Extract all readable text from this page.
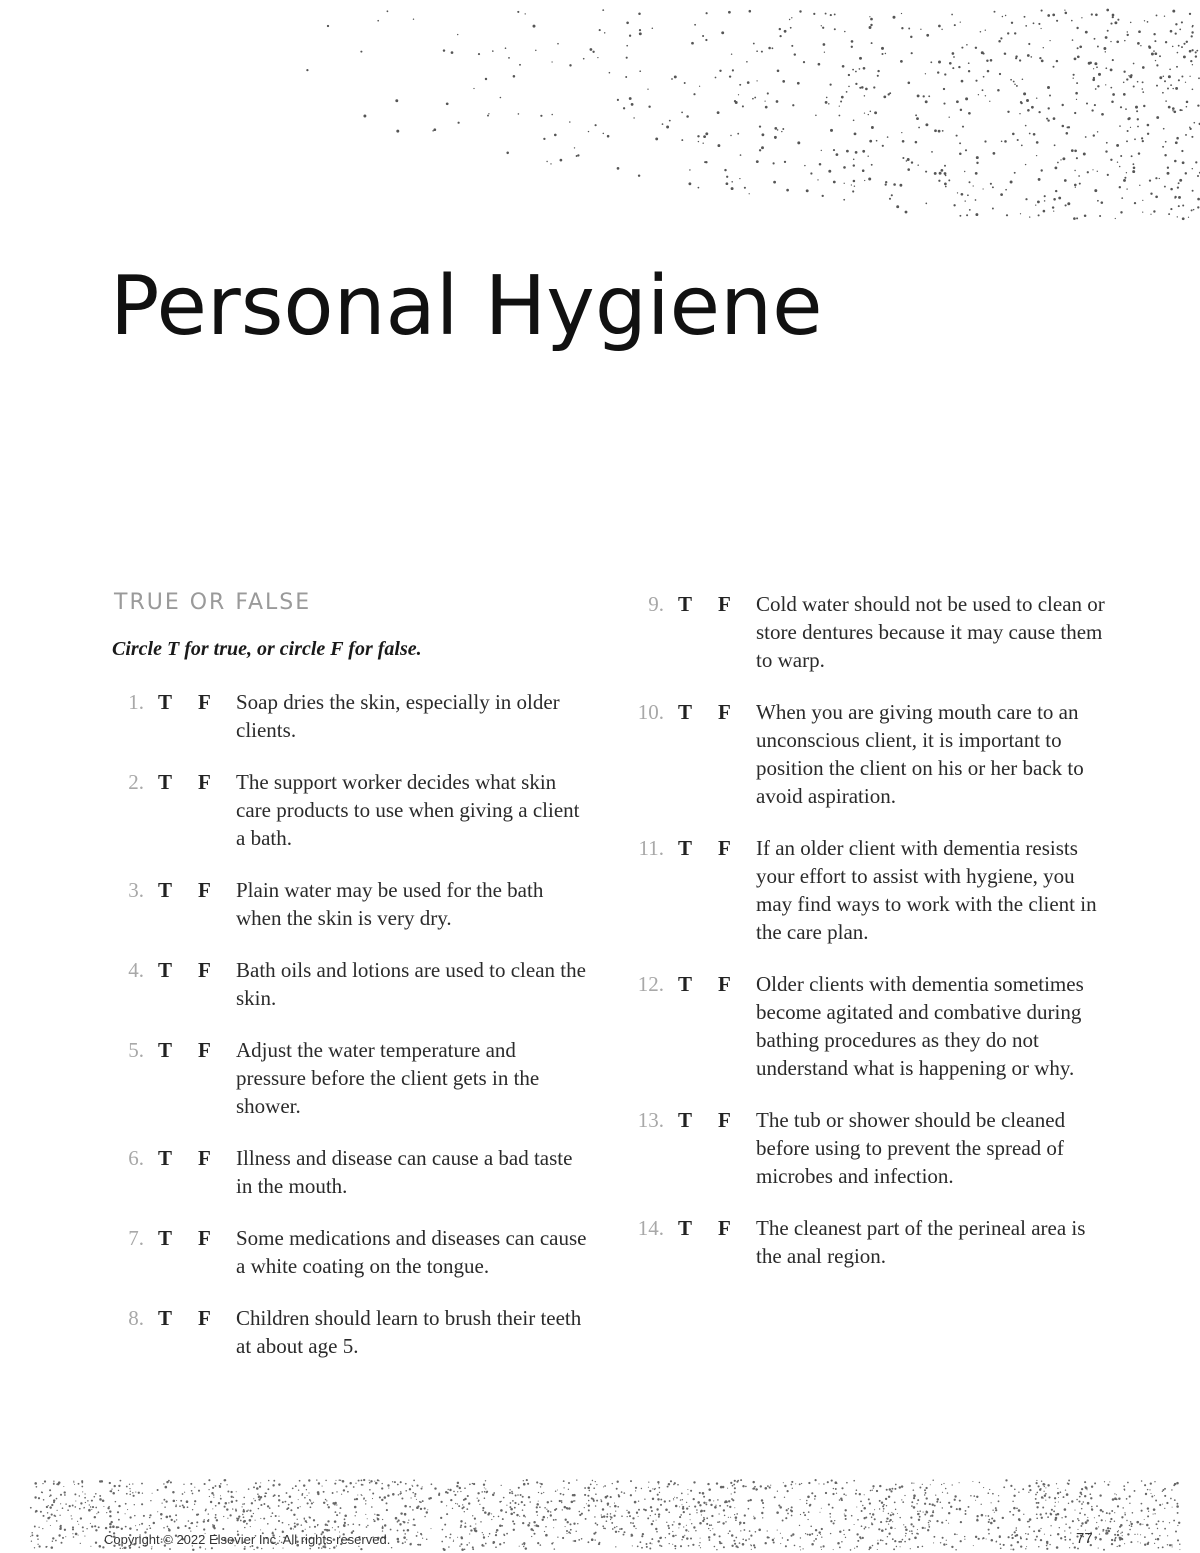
Personal Hygiene
TRUE OR FALSE
Circle T for true, or circle F for false.
1. T F Soap dries the skin, especially in older clients.
2. T F The support worker decides what skin care products to use when giving a client a bath.
3. T F Plain water may be used for the bath when the skin is very dry.
4. T F Bath oils and lotions are used to clean the skin.
5. T F Adjust the water temperature and pressure before the client gets in the shower.
6. T F Illness and disease can cause a bad taste in the mouth.
7. T F Some medications and diseases can cause a white coating on the tongue.
8. T F Children should learn to brush their teeth at about age 5.
9. T F Cold water should not be used to clean or store dentures because it may cause them to warp.
10. T F When you are giving mouth care to an unconscious client, it is important to position the client on his or her back to avoid aspiration.
11. T F If an older client with dementia resists your effort to assist with hygiene, you may find ways to work with the client in the care plan.
12. T F Older clients with dementia sometimes become agitated and combative during bathing procedures as they do not understand what is happening or why.
13. T F The tub or shower should be cleaned before using to prevent the spread of microbes and infection.
14. T F The cleanest part of the perineal area is the anal region.
Copyright © 2022 Elsevier Inc. All rights reserved.	77
